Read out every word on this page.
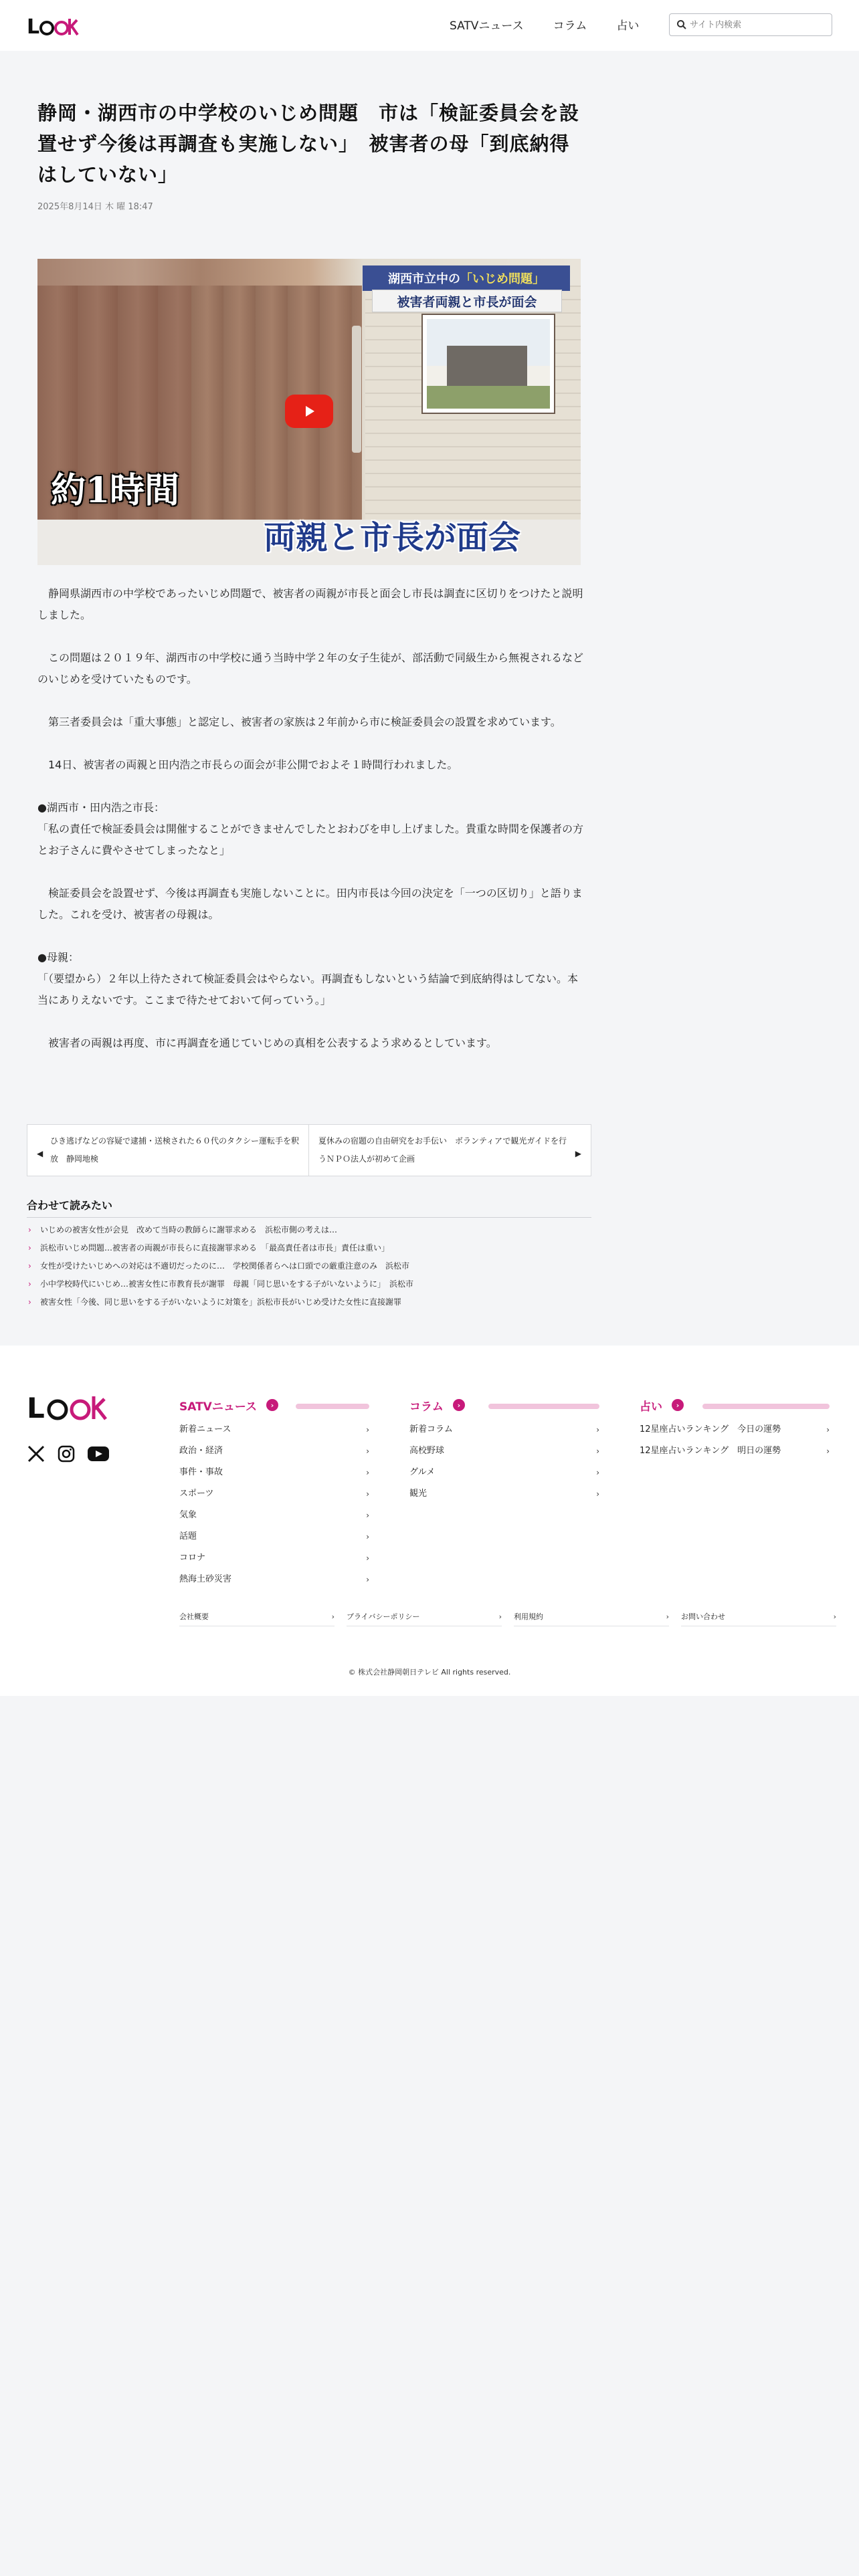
L	SATVニュース	コラム	占い
サイト内検索
静岡・湖西市の中学校のいじめ問題　市は「検証委員会を設置せず今後は再調査も実施しない」　被害者の母「到底納得はしていない」
2025年8月14日 木 曜 18:47
湖西市立中の 「いじめ問題」
被害者両親と市長が面会
約1時間
両親と市長が面会

　静岡県湖西市の中学校であったいじめ問題で、被害者の両親が市長と面会し市長は調査に区切りをつけたと説明しました。

　この問題は２０１９年、湖西市の中学校に通う当時中学２年の女子生徒が、部活動で同級生から無視されるなどのいじめを受けていたものです。

　第三者委員会は「重大事態」と認定し、被害者の家族は２年前から市に検証委員会の設置を求めています。

　14日、被害者の両親と田内浩之市長らの面会が非公開でおよそ１時間行われました。

●湖西市・田内浩之市長：
「私の責任で検証委員会は開催することができませんでしたとおわびを申し上げました。貴重な時間を保護者の方とお子さんに費やさせてしまったなと」

　検証委員会を設置せず、今後は再調査も実施しないことに。田内市長は今回の決定を「一つの区切り」と語りました。これを受け、被害者の母親は。

●母親：
「（要望から）２年以上待たされて検証委員会はやらない。再調査もしないという結論で到底納得はしてない。本当にありえないです。ここまで待たせておいて何っていう。」

　被害者の両親は再度、市に再調査を通じていじめの真相を公表するよう求めるとしています。

◀
ひき逃げなどの容疑で逮捕・送検された６０代のタクシー運転手を釈放　静岡地検
夏休みの宿題の自由研究をお手伝い　ボランティアで観光ガイドを行うＮＰＯ法人が初めて企画
▶
合わせて読みたい
› いじめの被害女性が会見　改めて当時の教師らに謝罪求める　浜松市側の考えは…
› 浜松市いじめ問題…被害者の両親が市長らに直接謝罪求める　「最高責任者は市長」責任は重い」
› 女性が受けたいじめへの対応は不適切だったのに…　学校関係者らへは口頭での厳重注意のみ　浜松市
› 小中学校時代にいじめ…被害女性に市教育長が謝罪　母親「同じ思いをする子がいないように」　浜松市
› 被害女性「今後、同じ思いをする子がいないように対策を」浜松市長がいじめ受けた女性に直接謝罪
L	SATVニュース	›
新着ニュース	›
政治・経済	›
事件・事故	›
スポーツ	›
気象	›
話題	›
コロナ	›
熱海土砂災害	›
コラム	›
新着コラム	›
高校野球	›
グルメ	›
観光	›
占い	›
12星座占いランキング　今日の運勢	›
12星座占いランキング　明日の運勢	›
会社概要	› プライバシーポリシー	› 利用規約	› お問い合わせ	›
© 株式会社静岡朝日テレビ All rights reserved.
